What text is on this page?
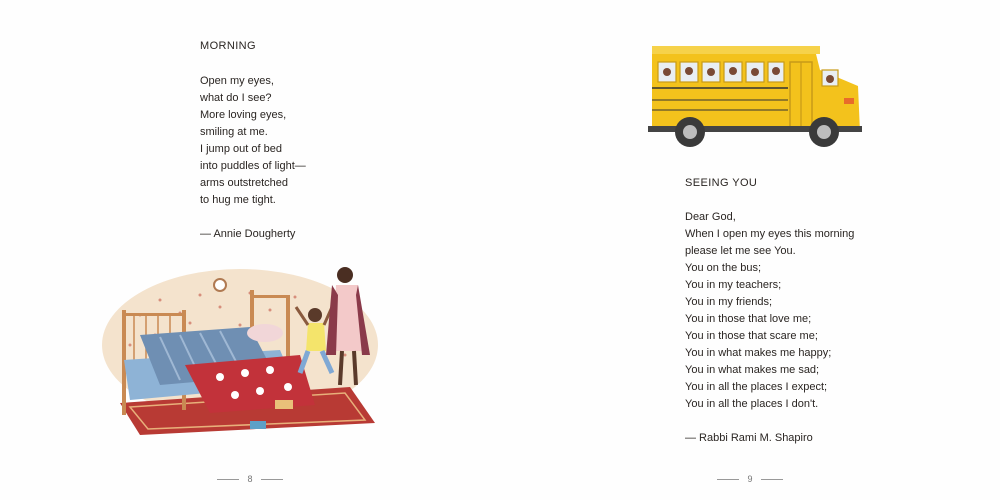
MORNING
Open my eyes,
what do I see?
More loving eyes,
smiling at me.
I jump out of bed
into puddles of light—
arms outstretched
to hug me tight.

— Annie Dougherty

8
SEEING YOU
Dear God,
When I open my eyes this morning
please let me see You.
You on the bus;
You in my teachers;
You in my friends;
You in those that love me;
You in those that scare me;
You in what makes me happy;
You in what makes me sad;
You in all the places I expect;
You in all the places I don't.

— Rabbi Rami M. Shapiro

9
